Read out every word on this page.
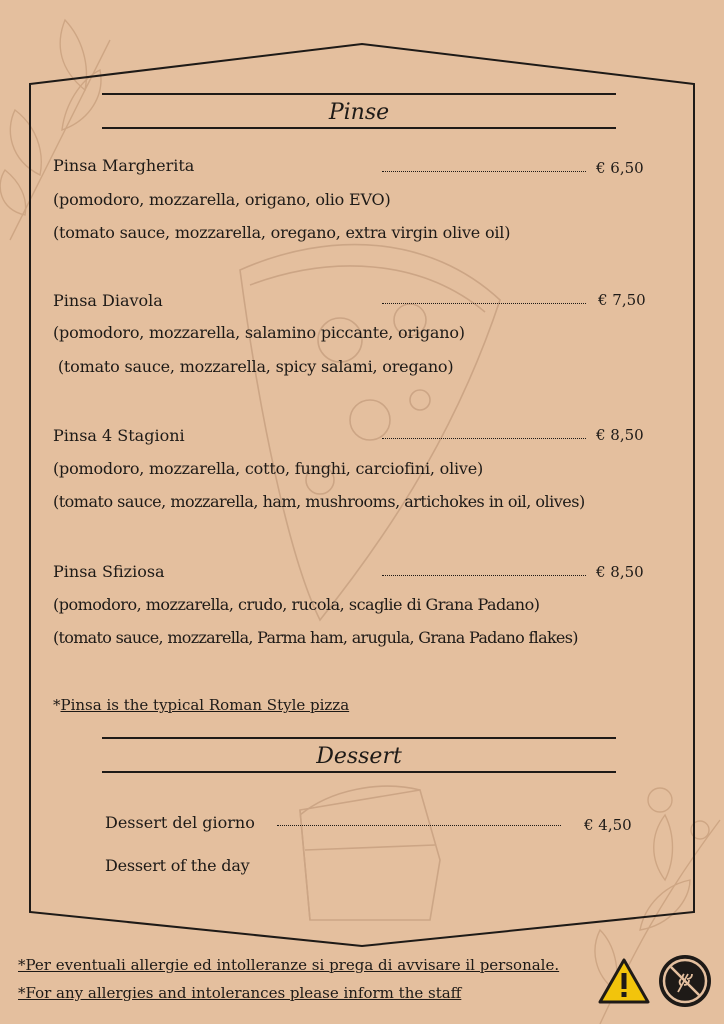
Pinse
Pinsa Margherita	€ 6,50
(pomodoro, mozzarella, origano, olio EVO)
(tomato sauce, mozzarella, oregano, extra virgin olive oil)
Pinsa Diavola	€ 7,50
(pomodoro, mozzarella, salamino piccante, origano)
(tomato sauce, mozzarella, spicy salami, oregano)
Pinsa 4 Stagioni	€ 8,50
(pomodoro, mozzarella, cotto, funghi, carciofini, olive)
(tomato sauce, mozzarella, ham, mushrooms, artichokes in oil, olives)
Pinsa Sfiziosa	€ 8,50
(pomodoro, mozzarella, crudo, rucola, scaglie di Grana Padano)
(tomato sauce, mozzarella, Parma ham, arugula, Grana Padano flakes)
*Pinsa is the typical Roman Style pizza
Dessert
Dessert del giorno	€ 4,50
Dessert of the day
*Per eventuali allergie ed intolleranze si prega di avvisare il personale.
*For any allergies and intolerances please inform the staff
